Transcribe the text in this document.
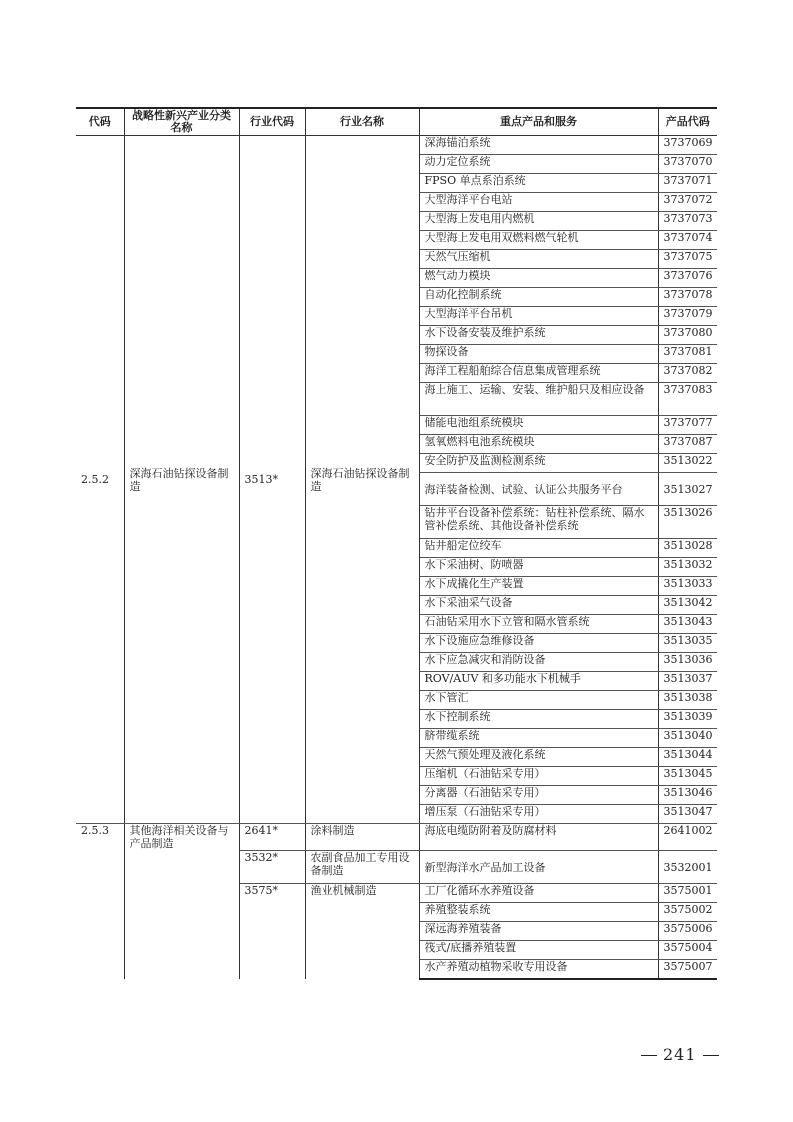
代码	战略性新兴产业分类名称	行业代码	行业名称	重点产品和服务	产品代码
2.5.2	深海石油钻探设备制造	3513*	深海石油钻探设备制造	深海锚泊系统	3737069
				动力定位系统	3737070
				FPSO 单点系泊系统	3737071
				大型海洋平台电站	3737072
				大型海上发电用内燃机	3737073
				大型海上发电用双燃料燃气轮机	3737074
				天然气压缩机	3737075
				燃气动力模块	3737076
				自动化控制系统	3737078
				大型海洋平台吊机	3737079
				水下设备安装及维护系统	3737080
				物探设备	3737081
				海洋工程船舶综合信息集成管理系统	3737082
				海上施工、运输、安装、维护船只及相应设备	3737083
				储能电池组系统模块	3737077
				氢氧燃料电池系统模块	3737087
				安全防护及监测检测系统	3513022
				海洋装备检测、试验、认证公共服务平台	3513027
				钻井平台设备补偿系统：钻柱补偿系统、隔水管补偿系统、其他设备补偿系统	3513026
				钻井船定位绞车	3513028
				水下采油树、防喷器	3513032
				水下成撬化生产装置	3513033
				水下采油采气设备	3513042
				石油钻采用水下立管和隔水管系统	3513043
				水下设施应急维修设备	3513035
				水下应急减灾和消防设备	3513036
				ROV/AUV 和多功能水下机械手	3513037
				水下管汇	3513038
				水下控制系统	3513039
				脐带缆系统	3513040
				天然气预处理及液化系统	3513044
				压缩机（石油钻采专用）	3513045
				分离器（石油钻采专用）	3513046
				增压泵（石油钻采专用）	3513047
2.5.3	其他海洋相关设备与产品制造	2641*	涂料制造	海底电缆防附着及防腐材料	2641002
		3532*	农副食品加工专用设备制造	新型海洋水产品加工设备	3532001
		3575*	渔业机械制造	工厂化循环水养殖设备	3575001
				养殖整装系统	3575002
				深远海养殖装备	3575006
				筏式/底播养殖装置	3575004
				水产养殖动植物采收专用设备	3575007
241
